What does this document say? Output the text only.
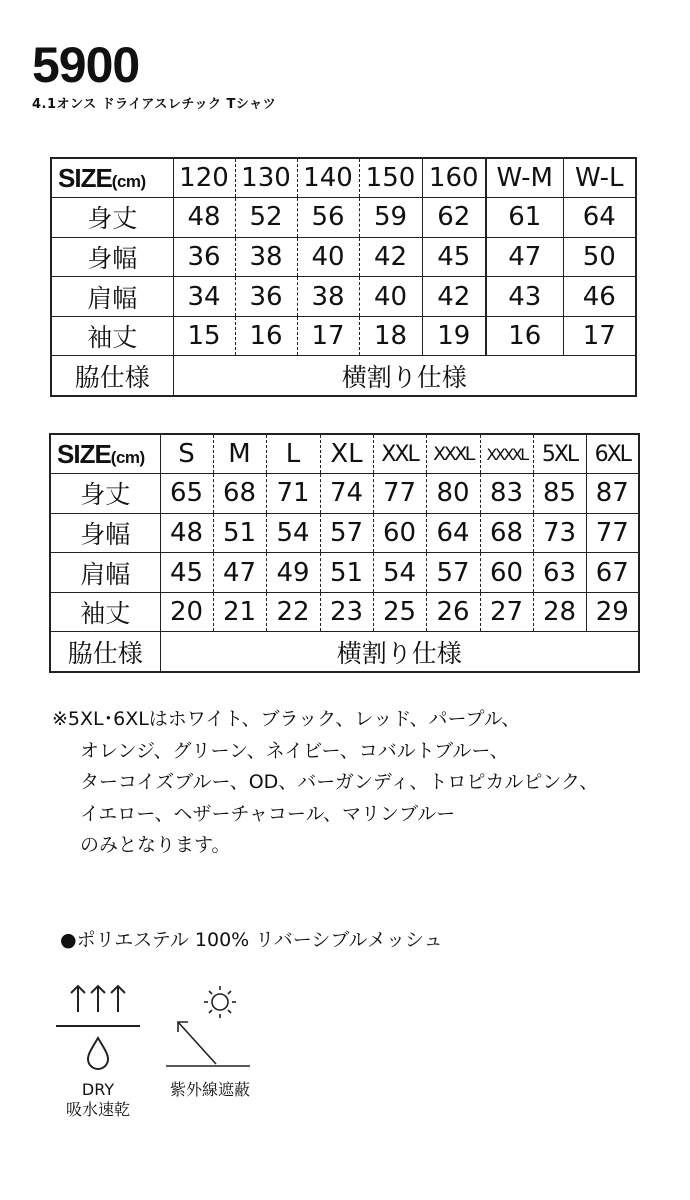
5900
4.1オンス ドライアスレチック Tシャツ
SIZE(cm)	120	130	140	150	160	W-M	W-L
身丈	48	52	56	59	62	61	64
身幅	36	38	40	42	45	47	50
肩幅	34	36	38	40	42	43	46
袖丈	15	16	17	18	19	16	17
脇仕様	横割り仕様						
SIZE(cm)	S	M	L	XL	XXL	XXXL	XXXXL	5XL	6XL
身丈	65	68	71	74	77	80	83	85	87
身幅	48	51	54	57	60	64	68	73	77
肩幅	45	47	49	51	54	57	60	63	67
袖丈	20	21	22	23	25	26	27	28	29
脇仕様	横割り仕様								
※5XL･6XLはホワイト、ブラック、レッド、パープル、
オレンジ、グリーン、ネイビー、コバルトブルー、
ターコイズブルー、OD、バーガンディ、トロピカルピンク、
イエロー、ヘザーチャコール、マリンブルー
のみとなります。
●ポリエステル 100% リバーシブルメッシュ
DRY
吸水速乾
紫外線遮蔽
